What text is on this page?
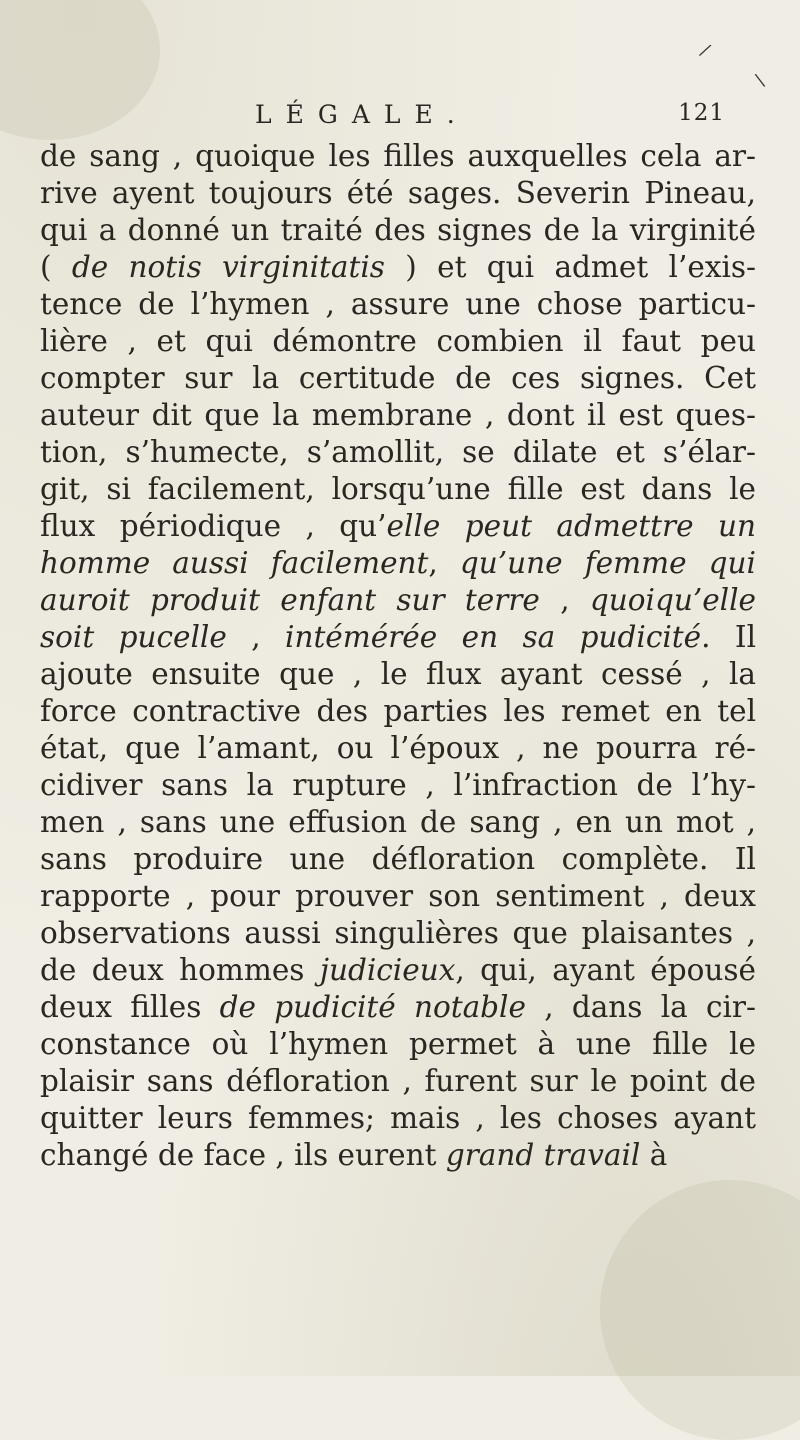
/
\
LÉGALE.	121
de sang , quoique les filles auxquelles cela ar-
rive ayent toujours été sages. Severin Pineau,
qui a donné un traité des signes de la virginité
( de notis virginitatis ) et qui admet l’exis-
tence de l’hymen , assure une chose particu-
lière , et qui démontre combien il faut peu
compter sur la certitude de ces signes. Cet
auteur dit que la membrane , dont il est ques-
tion, s’humecte, s’amollit, se dilate et s’élar-
git, si facilement, lorsqu’une fille est dans le
flux périodique , qu’elle peut admettre un
homme aussi facilement, qu’une femme qui
auroit produit enfant sur terre , quoiqu’elle
soit pucelle , intémérée en sa pudicité. Il
ajoute ensuite que , le flux ayant cessé , la
force contractive des parties les remet en tel
état, que l’amant, ou l’époux , ne pourra ré-
cidiver sans la rupture , l’infraction de l’hy-
men , sans une effusion de sang , en un mot ,
sans produire une défloration complète. Il
rapporte , pour prouver son sentiment , deux
observations aussi singulières que plaisantes ,
de deux hommes judicieux, qui, ayant épousé
deux filles de pudicité notable , dans la cir-
constance où l’hymen permet à une fille le
plaisir sans défloration , furent sur le point de
quitter leurs femmes; mais , les choses ayant
changé de face , ils eurent grand travail à
